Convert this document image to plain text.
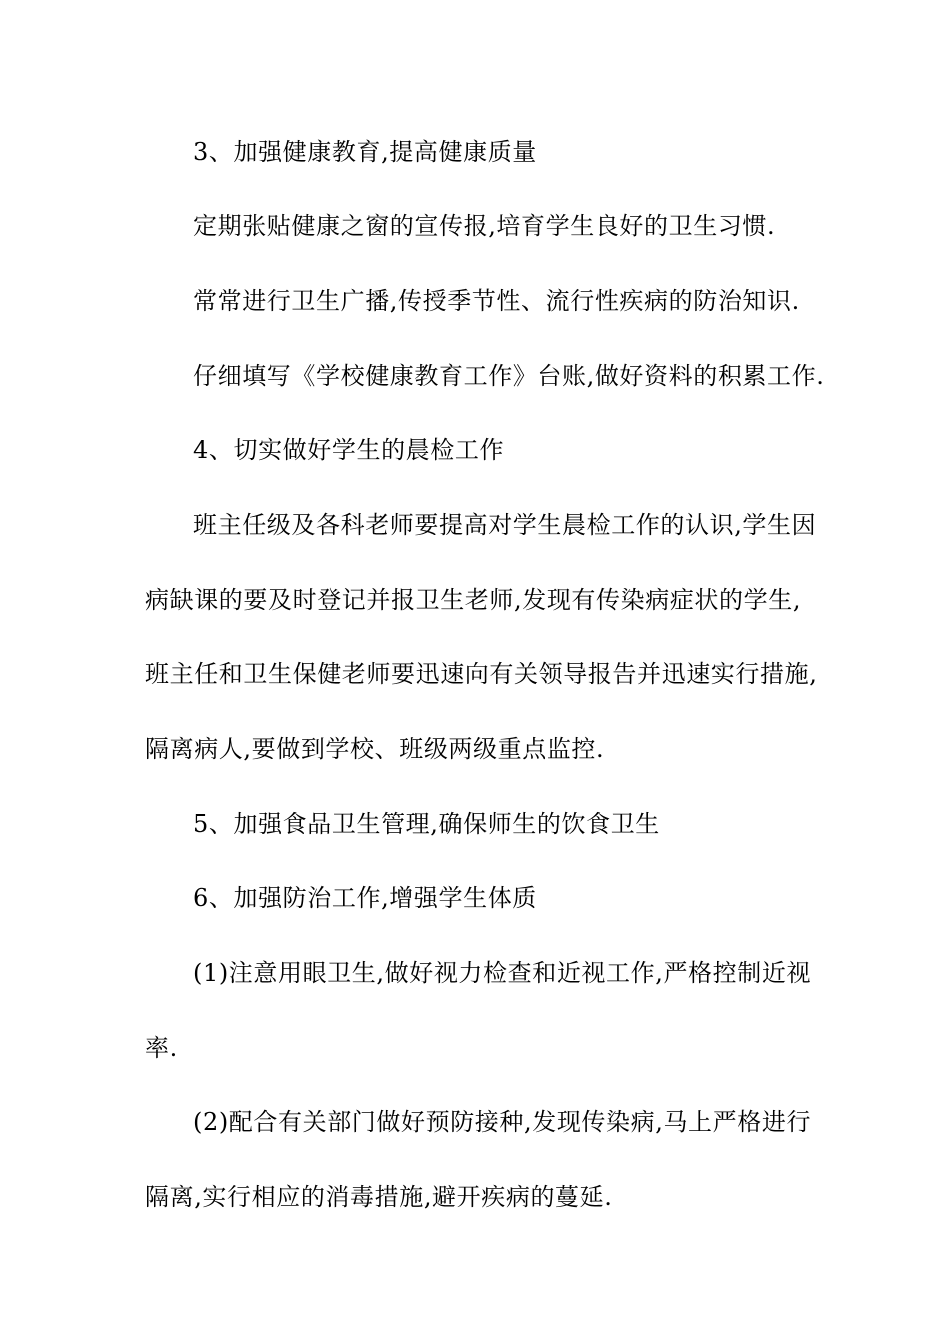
3、加强健康教育,提高健康质量
定期张贴健康之窗的宣传报,培育学生良好的卫生习惯.
常常进行卫生广播,传授季节性、流行性疾病的防治知识.
仔细填写《学校健康教育工作》台账,做好资料的积累工作.
4、切实做好学生的晨检工作
班主任级及各科老师要提高对学生晨检工作的认识,学生因
病缺课的要及时登记并报卫生老师,发现有传染病症状的学生,
班主任和卫生保健老师要迅速向有关领导报告并迅速实行措施,
隔离病人,要做到学校、班级两级重点监控.
5、加强食品卫生管理,确保师生的饮食卫生
6、加强防治工作,增强学生体质
(1)注意用眼卫生,做好视力检查和近视工作,严格控制近视
率.
(2)配合有关部门做好预防接种,发现传染病,马上严格进行
隔离,实行相应的消毒措施,避开疾病的蔓延.
